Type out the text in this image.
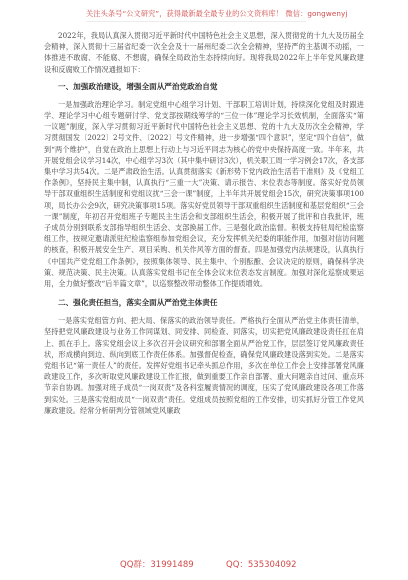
关注头条号“公文研究”，获得最新最全最专业的公文资料库！ 微信：gongwenyj

2022年，我局认真深入贯彻习近平新时代中国特色社会主义思想，深入贯彻党的十九大及历届全会精神，深入贯彻十三届省纪委一次全会及十一届州纪委二次全会精神，坚持严的主基调不动摇，一体推进不敢腐、不能腐、不想腐，确保全局政治生态持续向好。现将我局2022年上半年党风廉政建设和反腐败工作情况通报如下：

一、加强政治建设，增强全面从严治党政治自觉

一是加强政治理论学习。制定党组中心组学习计划、干部职工培训计划，持续深化党组及时跟进学、理论学习中心组专题研讨学、党支部按期线筹学的“三位一体”理论学习长效机制，全面落实“第一议题”制度，深入学习贯彻习近平新时代中国特色社会主义思想、党的十九大及历次全会精神，学习贯彻国发〔2022〕2号文件、〔2022〕号文件精神，进一步增强“四个意识”，坚定“四个自信”，做到“两个维护”，自觉在政治上思想上行动上与习近平同志为核心的党中央保持高度一致。半年来，共开展党组会议学习14次，中心组学习3次（其中集中研讨3次），机关职工周一学习例会17次，各支部集中学习共54次。二是严肃政治生活。认真贯彻落实《新形势下党内政治生活若干准则》及《党组工作条例》，坚持民主集中制，认真执行“三重一大”决策、请示报告、末位表态等制度。落实好党员领导干部双重组织生活制度和党组议扰“三会一课”制度，上半年共开展党组会15次，研究决策事项100项，局长办公会9次，研究决策事项15项。落实好党员领导干部双重组织生活制度和基层党组织“三会一课”制度，年初召开党组班子专题民主生活会和支部组织生活会，积极开展了批评和自我批评，班子成员分别到联系支部指导组织生活会、支部换届工作。三是强化政治监督。积极支持驻局纪检监察组工作，按规定邀请派驻纪检监察组参加党组会议，充分发挥机关纪委的职能作用，加强对信访问题的核查，积极开展安全生产、项目采购、机关作风等方面的督查。四是加强党内法规建设，认真执行《中国共产党党组工作条例》，按照集体领导、民主集中、个别酝酿、会议决定的原则，确保科学决策、规范决策、民主决策。认真落实党组书记在全体会议末位表态发言制度。加强对深化巡察成果运用，全力做好整改“后半篇文章”，以巡察整改带动整体工作提质增效。

二、强化责任担当，落实全面从严治党主体责任

一是落实党组管方向、把大局、保落实的政治领导责任。严格执行全面从严治党主体责任清单，坚持把党风廉政建设与业务工作同谋划、同安排、同检查、同落实，切实把党风廉政建设责任扛在肩上、抓在手上。落实党组会议上多次召开会议研究和部署全面从严治党工作，层层签订党风廉政责任状，形成横向到边、纵向到底工作责任体系。加强督促检查，确保党风廉政建设落到实处。二是落实党组书记“第一责任人”的责任。发挥好党组书记牵头抓总作用，多次在单位工作会上安排部署党风廉政建设工作，多次听取党风廉政建设工作汇报，做到重要工作亲自部署、重大问题亲自过问、重点环节亲自协调。加强对班子成员“一岗双责”及各科室履责情况的调度，压实了党风廉政建设各项工作落到实处。三是落实党组成员“一岗双责”责任。党组成员按照党组的工作安排，切实抓好分管工作党风廉政建设。经常分析研判分管领域党风廉政

QQ群：31991489	QQ：535304092
